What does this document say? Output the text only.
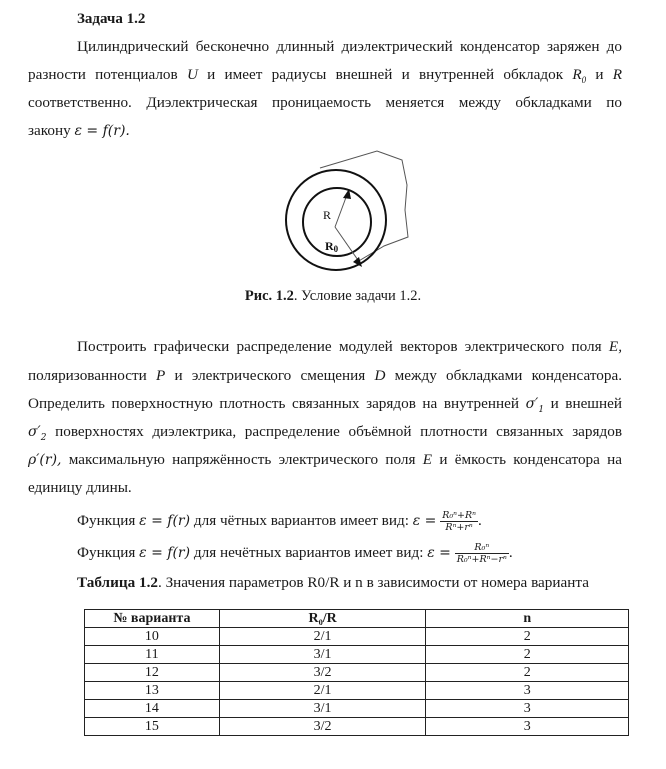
Задача 1.2
Цилиндрический бесконечно длинный диэлектрический конденсатор заряжен до
разности потенциалов U и имеет радиусы внешней и внутренней обкладок $R_0$ и R
соответственно. Диэлектрическая проницаемость меняется между обкладками по
закону ε = f(r).
R
R0
Рис. 1.2. Условие задачи 1.2.
Построить графически распределение модулей векторов электрического поля E,
поляризованности P и электрического смещения D между обкладками конденсатора.
Определить поверхностную плотность связанных зарядов на внутренней $\sigma'_1$ и внешней
$\sigma'_2$ поверхностях диэлектрика, распределение объёмной плотности связанных зарядов
ρ′(r), максимальную напряжённость электрического поля E и ёмкость конденсатора на
единицу длины.
Функция ε = f(r) для чётных вариантов имеет вид: $\varepsilon = \frac{\text{R₀ⁿ+Rⁿ}}{\text{Rⁿ+rⁿ}}$ .
Функция ε = f(r) для нечётных вариантов имеет вид: $\varepsilon = \frac{\text{R₀ⁿ}}{\text{R₀ⁿ+Rⁿ−rⁿ}}$ .
Таблица 1.2. Значения параметров R0/R и n в зависимости от номера варианта
№ варианта	R₀/R	n
10	2/1	2
11	3/1	2
12	3/2	2
13	2/1	3
14	3/1	3
15	3/2	3
